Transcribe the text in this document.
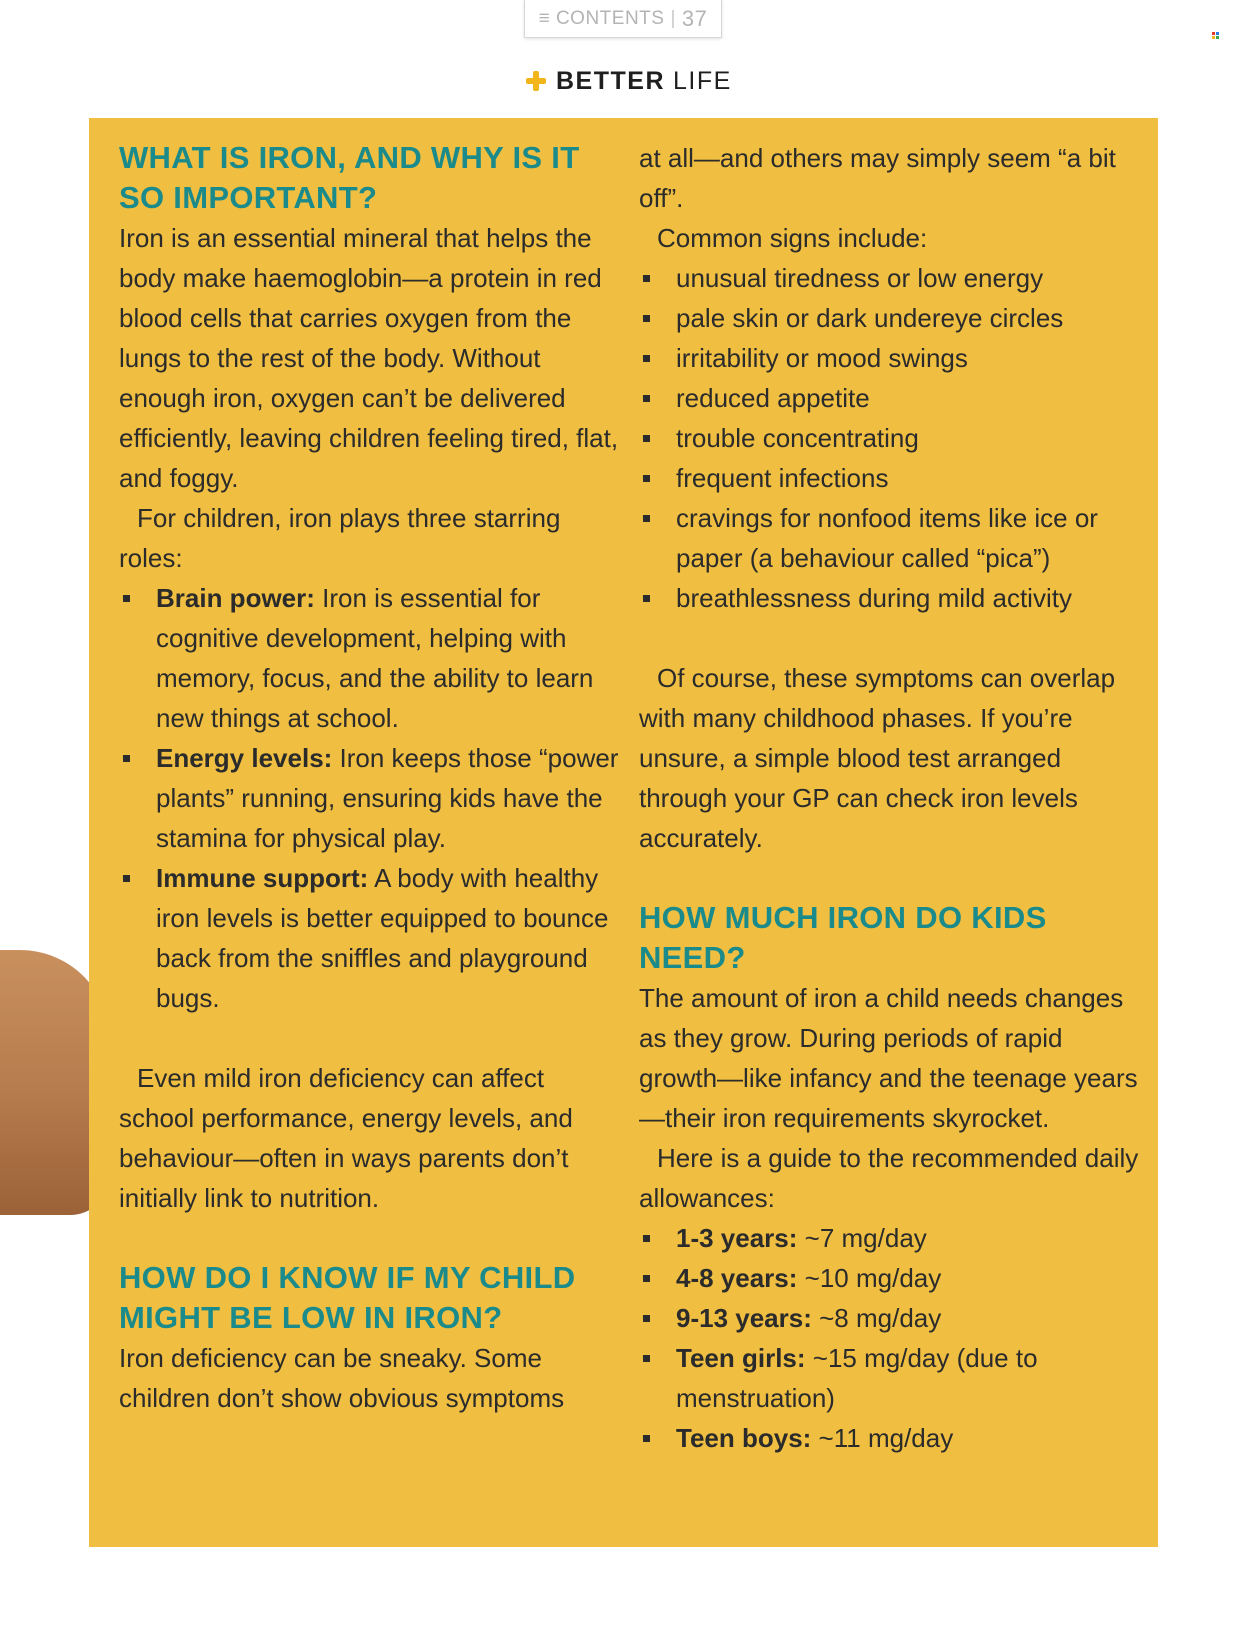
≡ CONTENTS | 37
BETTER LIFE
WHAT IS IRON, AND WHY IS IT SO IMPORTANT?

Iron is an essential mineral that helps the body make haemoglobin—a protein in red blood cells that carries oxygen from the lungs to the rest of the body. Without enough iron, oxygen can’t be delivered efficiently, leaving children feeling tired, flat, and foggy.

For children, iron plays three starring roles:

Brain power: Iron is essential for cognitive development, helping with memory, focus, and the ability to learn new things at school.
Energy levels: Iron keeps those “power plants” running, ensuring kids have the stamina for physical play.
Immune support: A body with healthy iron levels is better equipped to bounce back from the sniffles and playground bugs.

Even mild iron deficiency can affect school performance, energy levels, and behaviour—often in ways parents don’t initially link to nutrition.

HOW DO I KNOW IF MY CHILD MIGHT BE LOW IN IRON?

Iron deficiency can be sneaky. Some children don’t show obvious symptoms

at all—and others may simply seem “a bit off”.

Common signs include:

unusual tiredness or low energy
pale skin or dark undereye circles
irritability or mood swings
reduced appetite
trouble concentrating
frequent infections
cravings for nonfood items like ice or paper (a behaviour called “pica”)
breathlessness during mild activity

Of course, these symptoms can overlap with many childhood phases. If you’re unsure, a simple blood test arranged through your GP can check iron levels accurately.

HOW MUCH IRON DO KIDS NEED?

The amount of iron a child needs changes as they grow. During periods of rapid growth—like infancy and the teenage years—their iron requirements skyrocket.

Here is a guide to the recommended daily allowances:

1-3 years: ~7 mg/day
4-8 years: ~10 mg/day
9-13 years: ~8 mg/day
Teen girls: ~15 mg/day (due to menstruation)
Teen boys: ~11 mg/day
